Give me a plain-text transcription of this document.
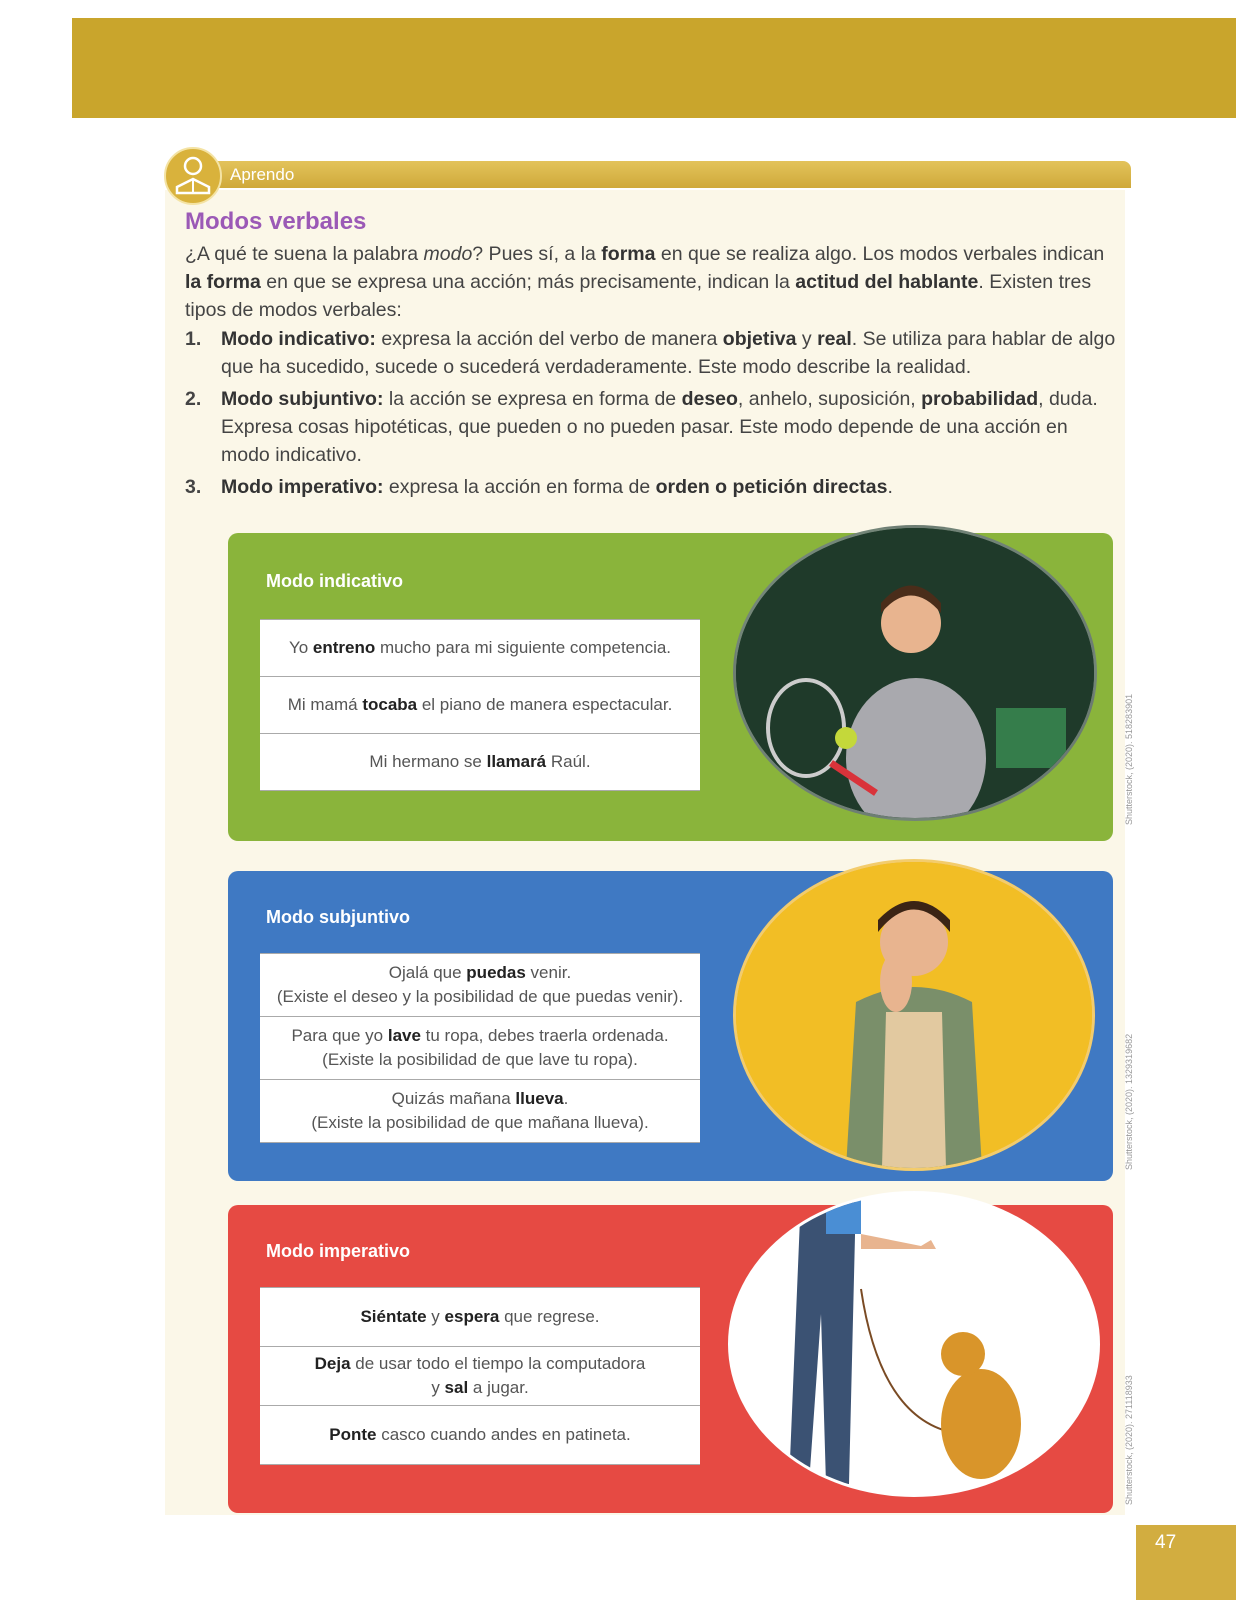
Aprendo
Modos verbales

¿A qué te suena la palabra modo? Pues sí, a la forma en que se realiza algo. Los modos verbales indican la forma en que se expresa una acción; más precisamente, indican la actitud del hablante. Existen tres tipos de modos verbales:

1. Modo indicativo: expresa la acción del verbo de manera objetiva y real. Se utiliza para hablar de algo que ha sucedido, sucede o sucederá verdaderamente. Este modo describe la realidad.
2. Modo subjuntivo: la acción se expresa en forma de deseo, anhelo, suposición, probabilidad, duda. Expresa cosas hipotéticas, que pueden o no pueden pasar. Este modo depende de una acción en modo indicativo.
3. Modo imperativo: expresa la acción en forma de orden o petición directas.
Modo indicativo
Yo entreno mucho para mi siguiente competencia.
Mi mamá tocaba el piano de manera espectacular.
Mi hermano se llamará Raúl.	Shutterstock, (2020). 518283901
Modo subjuntivo
Ojalá que puedas venir.
(Existe el deseo y la posibilidad de que puedas venir).
Para que yo lave tu ropa, debes traerla ordenada.
(Existe la posibilidad de que lave tu ropa).
Quizás mañana llueva.
(Existe la posibilidad de que mañana llueva).	Shutterstock, (2020). 1329319682
Modo imperativo
Siéntate y espera que regrese.
Deja de usar todo el tiempo la computadora
y sal a jugar.
Ponte casco cuando andes en patineta.	Shutterstock, (2020). 271118933
47
